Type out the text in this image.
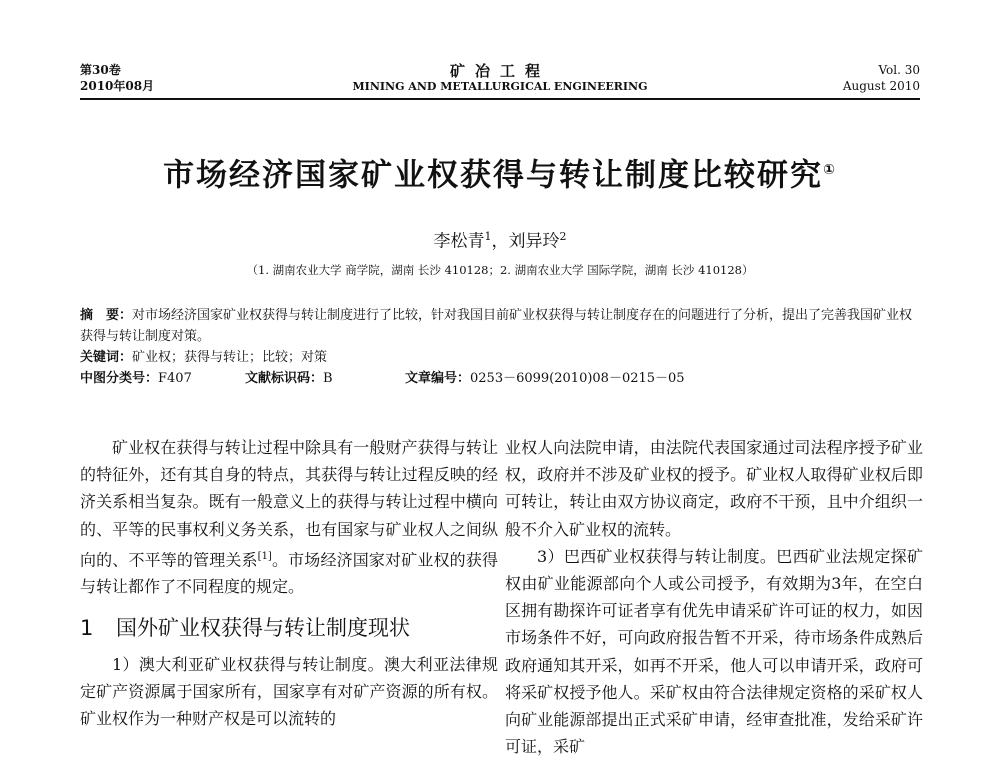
第30卷
2010年08月
矿冶工程
MINING AND METALLURGICAL ENGINEERING
Vol. 30
August 2010
市场经济国家矿业权获得与转让制度比较研究①
李松青$^1$，刘异玲$^2$
（1. 湖南农业大学 商学院，湖南 长沙 410128；2. 湖南农业大学 国际学院，湖南 长沙 410128）

摘　要：对市场经济国家矿业权获得与转让制度进行了比较，针对我国目前矿业权获得与转让制度存在的问题进行了分析，提出了完善我国矿业权获得与转让制度对策。

关键词：矿业权；获得与转让；比较；对策

中图分类号：F407	文献标识码：B	文章编号：0253－6099(2010)08－0215－05

矿业权在获得与转让过程中除具有一般财产获得与转让的特征外，还有其自身的特点，其获得与转让过程反映的经济关系相当复杂。既有一般意义上的获得与转让过程中横向的、平等的民事权利义务关系，也有国家与矿业权人之间纵向的、不平等的管理关系[1]。市场经济国家对矿业权的获得与转让都作了不同程度的规定。

1 国外矿业权获得与转让制度现状

1）澳大利亚矿业权获得与转让制度。澳大利亚法律规定矿产资源属于国家所有，国家享有对矿产资源的所有权。矿业权作为一种财产权是可以流转的

业权人向法院申请，由法院代表国家通过司法程序授予矿业权，政府并不涉及矿业权的授予。矿业权人取得矿业权后即可转让，转让由双方协议商定，政府不干预，且中介组织一般不介入矿业权的流转。

3）巴西矿业权获得与转让制度。巴西矿业法规定探矿权由矿业能源部向个人或公司授予，有效期为3年，在空白区拥有勘探许可证者享有优先申请采矿许可证的权力，如因市场条件不好，可向政府报告暂不开采，待市场条件成熟后政府通知其开采，如再不开采，他人可以申请开采，政府可将采矿权授予他人。采矿权由符合法律规定资格的采矿权人向矿业能源部提出正式采矿申请，经审查批准，发给采矿许可证，采矿
